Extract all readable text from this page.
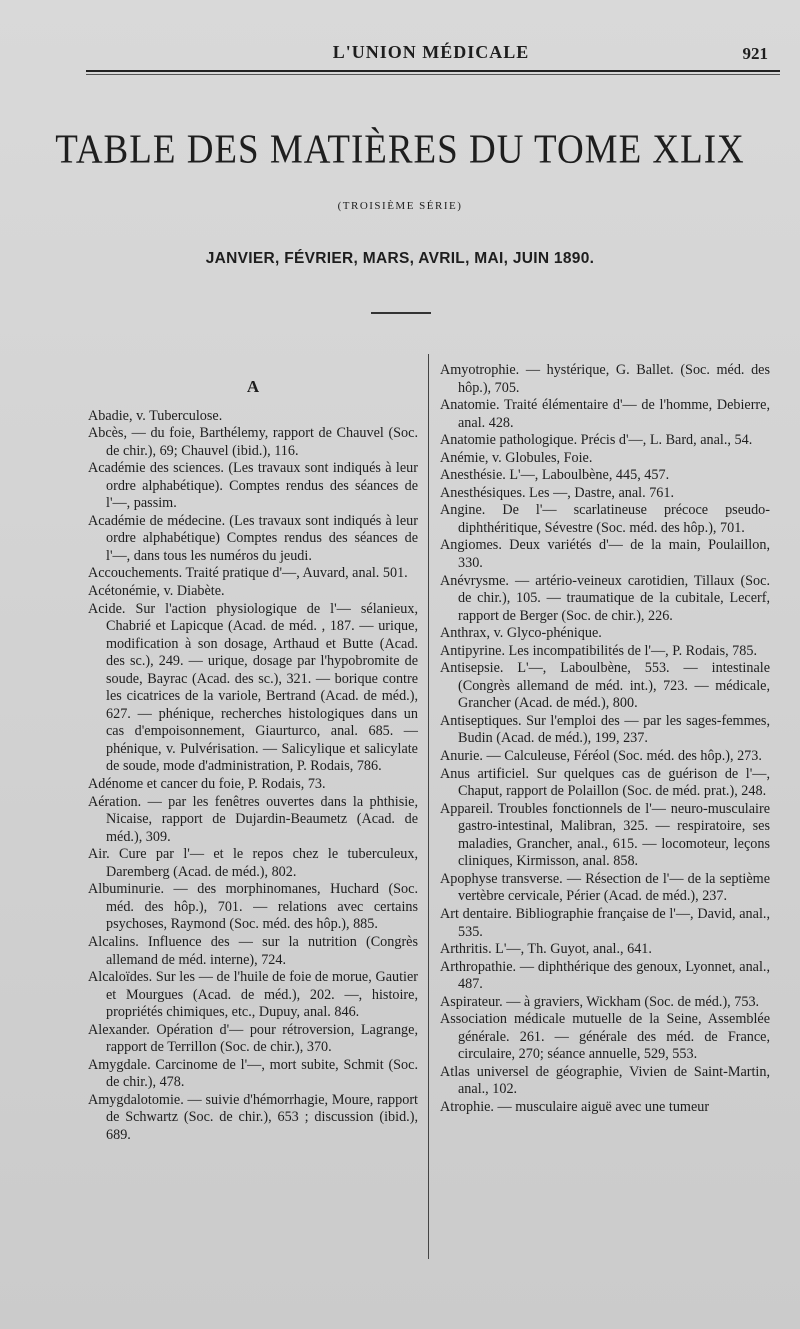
L'UNION MÉDICALE	921
TABLE DES MATIÈRES DU TOME XLIX
(TROISIÈME SÉRIE)
JANVIER, FÉVRIER, MARS, AVRIL, MAI, JUIN 1890.
A

Abadie, v. Tuberculose.

Abcès, — du foie, Barthélemy, rapport de Chauvel (Soc. de chir.), 69; Chauvel (ibid.), 116.

Académie des sciences. (Les travaux sont indiqués à leur ordre alphabétique). Comptes rendus des séances de l'—, passim.

Académie de médecine. (Les travaux sont indiqués à leur ordre alphabétique) Comptes rendus des séances de l'—, dans tous les numéros du jeudi.

Accouchements. Traité pratique d'—, Auvard, anal. 501.

Acétonémie, v. Diabète.

Acide. Sur l'action physiologique de l'— sélanieux, Chabrié et Lapicque (Acad. de méd. , 187. — urique, modification à son dosage, Arthaud et Butte (Acad. des sc.), 249. — urique, dosage par l'hypobromite de soude, Bayrac (Acad. des sc.), 321. — borique contre les cicatrices de la variole, Bertrand (Acad. de méd.), 627. — phénique, recherches histologiques dans un cas d'empoisonnement, Giaurturco, anal. 685. — phénique, v. Pulvérisation. — Salicylique et salicylate de soude, mode d'administration, P. Rodais, 786.

Adénome et cancer du foie, P. Rodais, 73.

Aération. — par les fenêtres ouvertes dans la phthisie, Nicaise, rapport de Dujardin-Beaumetz (Acad. de méd.), 309.

Air. Cure par l'— et le repos chez le tuberculeux, Daremberg (Acad. de méd.), 802.

Albuminurie. — des morphinomanes, Huchard (Soc. méd. des hôp.), 701. — relations avec certains psychoses, Raymond (Soc. méd. des hôp.), 885.

Alcalins. Influence des — sur la nutrition (Congrès allemand de méd. interne), 724.

Alcaloïdes. Sur les — de l'huile de foie de morue, Gautier et Mourgues (Acad. de méd.), 202. —, histoire, propriétés chimiques, etc., Dupuy, anal. 846.

Alexander. Opération d'— pour rétroversion, Lagrange, rapport de Terrillon (Soc. de chir.), 370.

Amygdale. Carcinome de l'—, mort subite, Schmit (Soc. de chir.), 478.

Amygdalotomie. — suivie d'hémorrhagie, Moure, rapport de Schwartz (Soc. de chir.), 653 ; discussion (ibid.), 689.

Amyotrophie. — hystérique, G. Ballet. (Soc. méd. des hôp.), 705.

Anatomie. Traité élémentaire d'— de l'homme, Debierre, anal. 428.

Anatomie pathologique. Précis d'—, L. Bard, anal., 54.

Anémie, v. Globules, Foie.

Anesthésie. L'—, Laboulbène, 445, 457.

Anesthésiques. Les —, Dastre, anal. 761.

Angine. De l'— scarlatineuse précoce pseudo-diphthéritique, Sévestre (Soc. méd. des hôp.), 701.

Angiomes. Deux variétés d'— de la main, Poulaillon, 330.

Anévrysme. — artério-veineux carotidien, Tillaux (Soc. de chir.), 105. — traumatique de la cubitale, Lecerf, rapport de Berger (Soc. de chir.), 226.

Anthrax, v. Glyco-phénique.

Antipyrine. Les incompatibilités de l'—, P. Rodais, 785.

Antisepsie. L'—, Laboulbène, 553. — intestinale (Congrès allemand de méd. int.), 723. — médicale, Grancher (Acad. de méd.), 800.

Antiseptiques. Sur l'emploi des — par les sages-femmes, Budin (Acad. de méd.), 199, 237.

Anurie. — Calculeuse, Féréol (Soc. méd. des hôp.), 273.

Anus artificiel. Sur quelques cas de guérison de l'—, Chaput, rapport de Polaillon (Soc. de méd. prat.), 248.

Appareil. Troubles fonctionnels de l'— neuro-musculaire gastro-intestinal, Malibran, 325. — respiratoire, ses maladies, Grancher, anal., 615. — locomoteur, leçons cliniques, Kirmisson, anal. 858.

Apophyse transverse. — Résection de l'— de la septième vertèbre cervicale, Périer (Acad. de méd.), 237.

Art dentaire. Bibliographie française de l'—, David, anal., 535.

Arthritis. L'—, Th. Guyot, anal., 641.

Arthropathie. — diphthérique des genoux, Lyonnet, anal., 487.

Aspirateur. — à graviers, Wickham (Soc. de méd.), 753.

Association médicale mutuelle de la Seine, Assemblée générale. 261. — générale des méd. de France, circulaire, 270; séance annuelle, 529, 553.

Atlas universel de géographie, Vivien de Saint-Martin, anal., 102.

Atrophie. — musculaire aiguë avec une tumeur
